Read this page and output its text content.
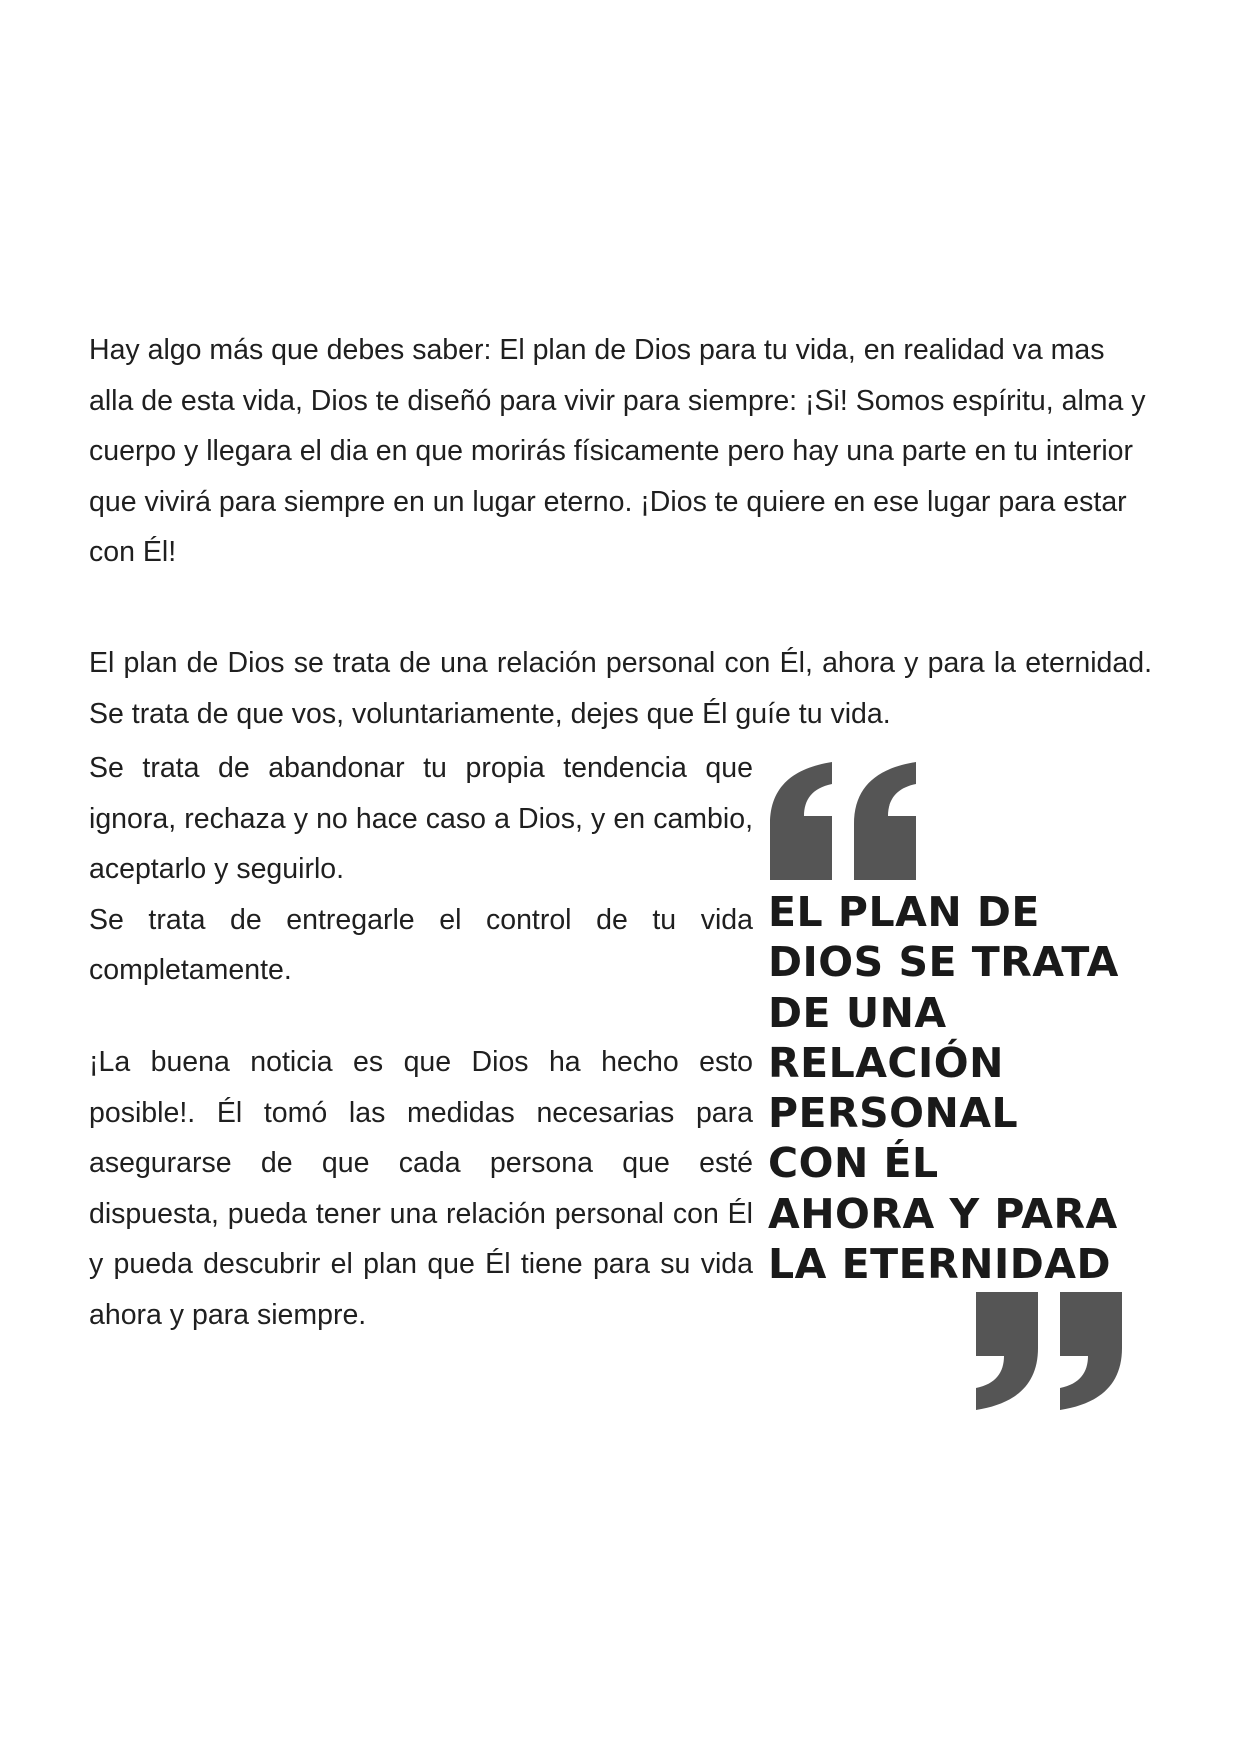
Hay algo más que debes saber: El plan de Dios para tu vida, en realidad va mas alla de esta vida, Dios te diseñó para vivir para siempre: ¡Si! Somos espíritu, alma y cuerpo y llegara el dia en que morirás físicamente pero hay una parte en tu interior que vivirá para siempre en un lugar eterno. ¡Dios te quiere en ese lugar para estar con Él!

El plan de Dios se trata de una relación personal con Él, ahora y para la eternidad. Se trata de que vos, voluntariamente, dejes que Él guíe tu vida.

Se trata de abandonar tu propia tendencia que ignora, rechaza y no hace caso a Dios, y en cambio, aceptarlo y seguirlo.
Se trata de entregarle el control de tu vida completamente.

¡La buena noticia es que Dios ha hecho esto posible!. Él tomó las medidas necesarias para asegurarse de que cada persona que esté dispuesta, pueda tener una relación personal con Él y pueda descubrir el plan que Él tiene para su vida ahora y para siempre.

EL PLAN DE
DIOS SE TRATA
DE UNA
RELACIÓN
PERSONAL
CON ÉL
AHORA Y PARA
LA ETERNIDAD
